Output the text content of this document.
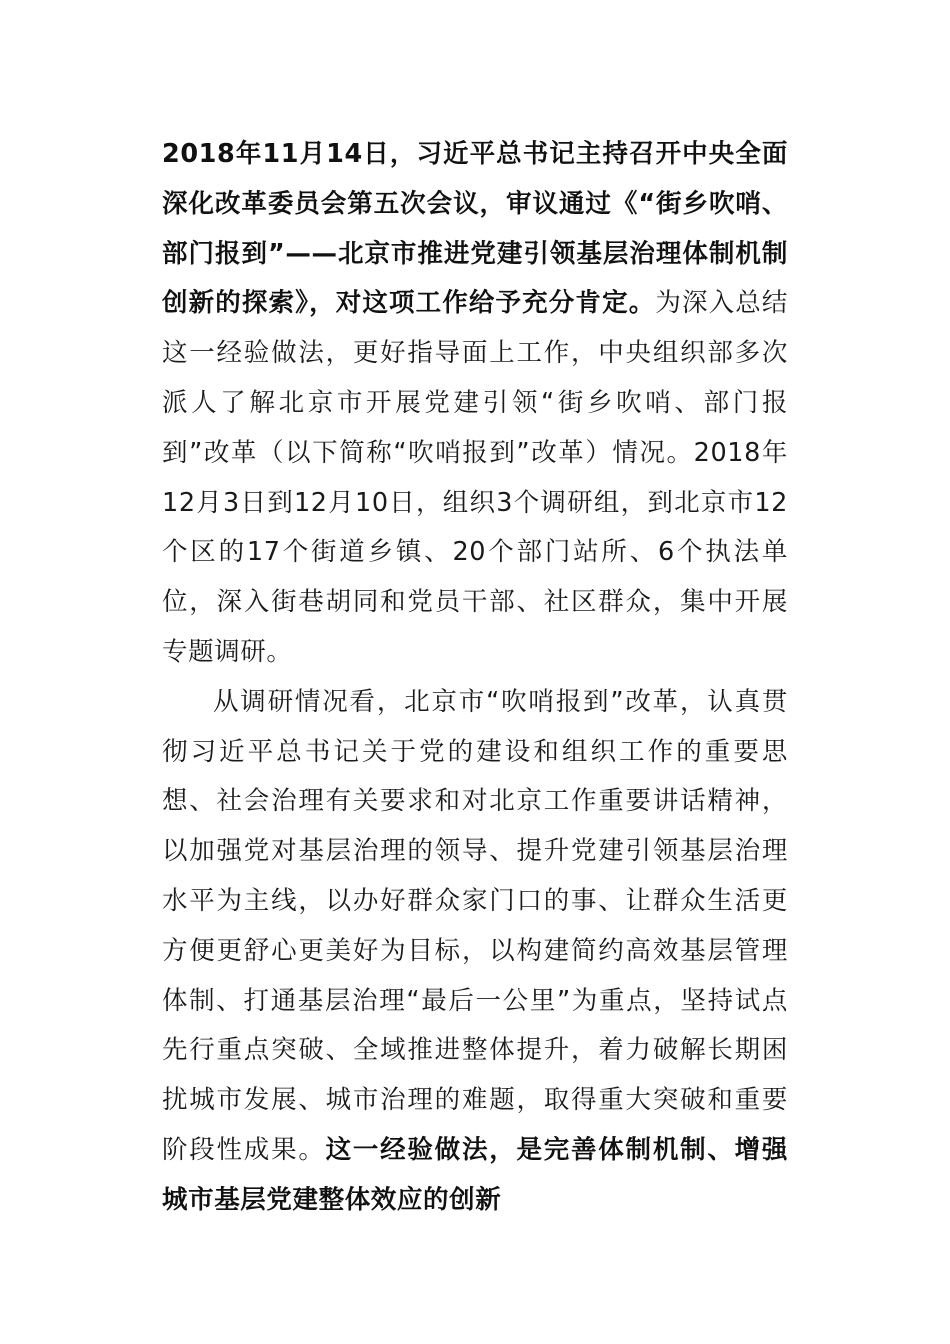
2018年11月14日，习近平总书记主持召开中央全面深化改革委员会第五次会议，审议通过《“街乡吹哨、部门报到”——北京市推进党建引领基层治理体制机制创新的探索》，对这项工作给予充分肯定。为深入总结这一经验做法，更好指导面上工作，中央组织部多次派人了解北京市开展党建引领“街乡吹哨、部门报到”改革（以下简称“吹哨报到”改革）情况。2018年12月3日到12月10日，组织3个调研组，到北京市12个区的17个街道乡镇、20个部门站所、6个执法单位，深入街巷胡同和党员干部、社区群众，集中开展专题调研。

从调研情况看，北京市“吹哨报到”改革，认真贯彻习近平总书记关于党的建设和组织工作的重要思想、社会治理有关要求和对北京工作重要讲话精神，以加强党对基层治理的领导、提升党建引领基层治理水平为主线，以办好群众家门口的事、让群众生活更方便更舒心更美好为目标，以构建简约高效基层管理体制、打通基层治理“最后一公里”为重点，坚持试点先行重点突破、全域推进整体提升，着力破解长期困扰城市发展、城市治理的难题，取得重大突破和重要阶段性成果。这一经验做法，是完善体制机制、增强城市基层党建整体效应的创新
